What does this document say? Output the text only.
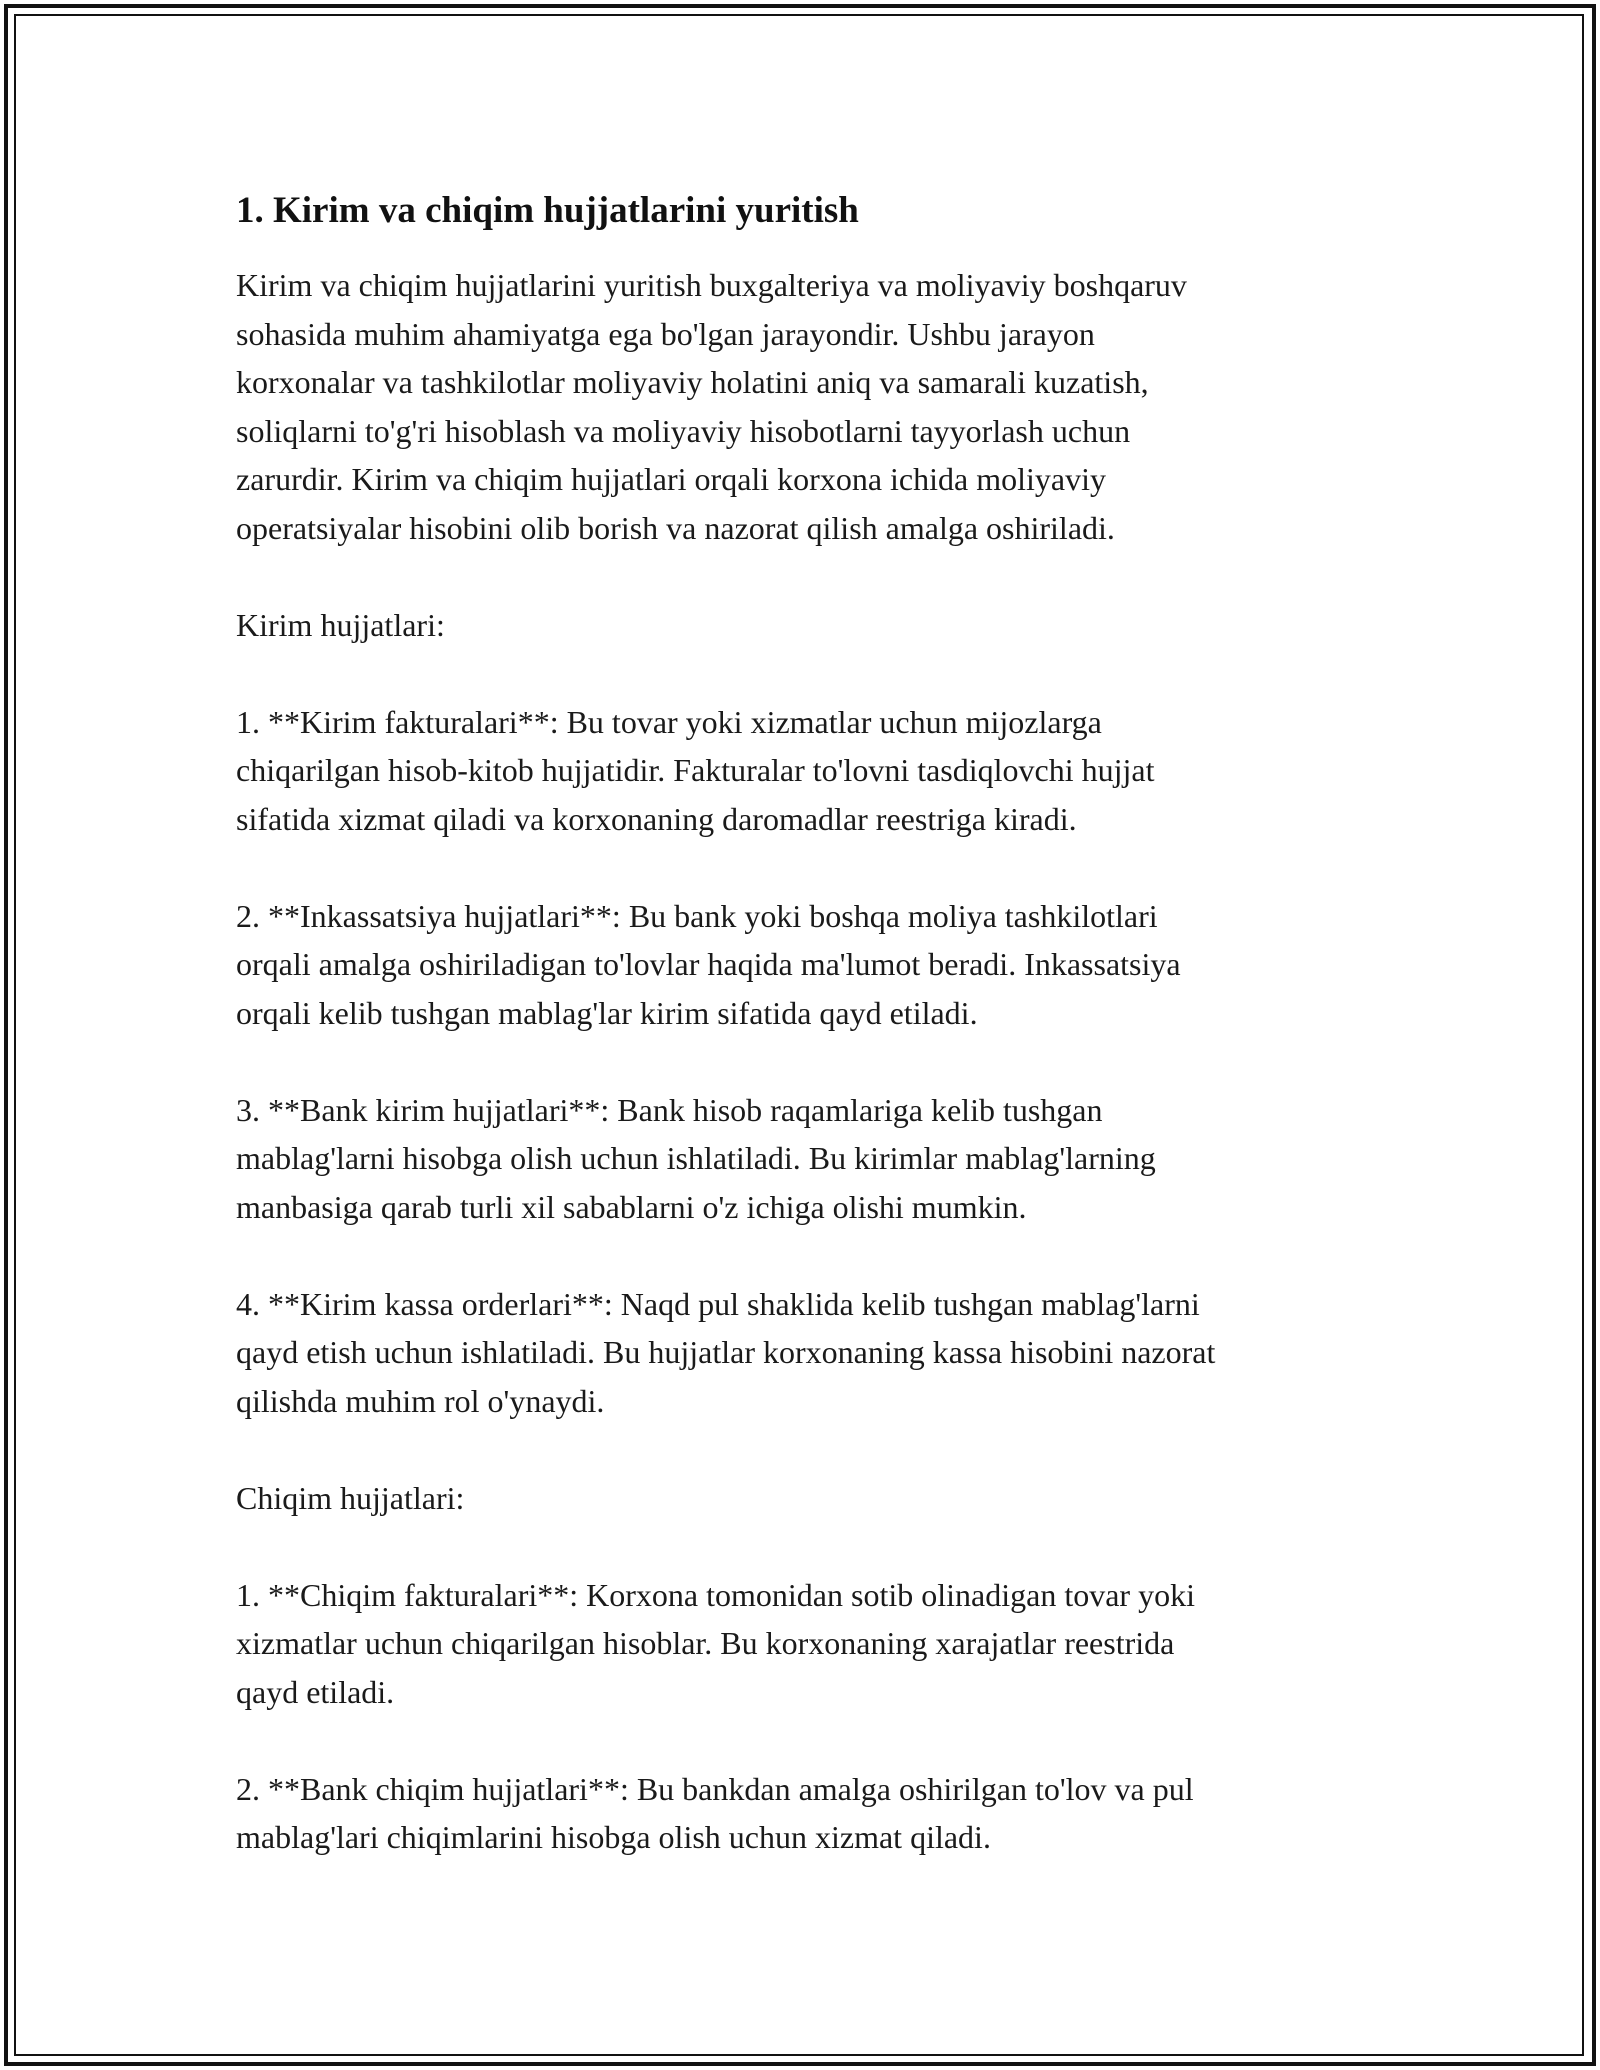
1. Kirim va chiqim hujjatlarini yuritish

Kirim va chiqim hujjatlarini yuritish buxgalteriya va moliyaviy boshqaruv
sohasida muhim ahamiyatga ega bo'lgan jarayondir. Ushbu jarayon
korxonalar va tashkilotlar moliyaviy holatini aniq va samarali kuzatish,
soliqlarni to'g'ri hisoblash va moliyaviy hisobotlarni tayyorlash uchun
zarurdir. Kirim va chiqim hujjatlari orqali korxona ichida moliyaviy
operatsiyalar hisobini olib borish va nazorat qilish amalga oshiriladi.

Kirim hujjatlari:

1. **Kirim fakturalari**: Bu tovar yoki xizmatlar uchun mijozlarga
chiqarilgan hisob-kitob hujjatidir. Fakturalar to'lovni tasdiqlovchi hujjat
sifatida xizmat qiladi va korxonaning daromadlar reestriga kiradi.

2. **Inkassatsiya hujjatlari**: Bu bank yoki boshqa moliya tashkilotlari
orqali amalga oshiriladigan to'lovlar haqida ma'lumot beradi. Inkassatsiya
orqali kelib tushgan mablag'lar kirim sifatida qayd etiladi.

3. **Bank kirim hujjatlari**: Bank hisob raqamlariga kelib tushgan
mablag'larni hisobga olish uchun ishlatiladi. Bu kirimlar mablag'larning
manbasiga qarab turli xil sabablarni o'z ichiga olishi mumkin.

4. **Kirim kassa orderlari**: Naqd pul shaklida kelib tushgan mablag'larni
qayd etish uchun ishlatiladi. Bu hujjatlar korxonaning kassa hisobini nazorat
qilishda muhim rol o'ynaydi.

Chiqim hujjatlari:

1. **Chiqim fakturalari**: Korxona tomonidan sotib olinadigan tovar yoki
xizmatlar uchun chiqarilgan hisoblar. Bu korxonaning xarajatlar reestrida
qayd etiladi.

2. **Bank chiqim hujjatlari**: Bu bankdan amalga oshirilgan to'lov va pul
mablag'lari chiqimlarini hisobga olish uchun xizmat qiladi.
